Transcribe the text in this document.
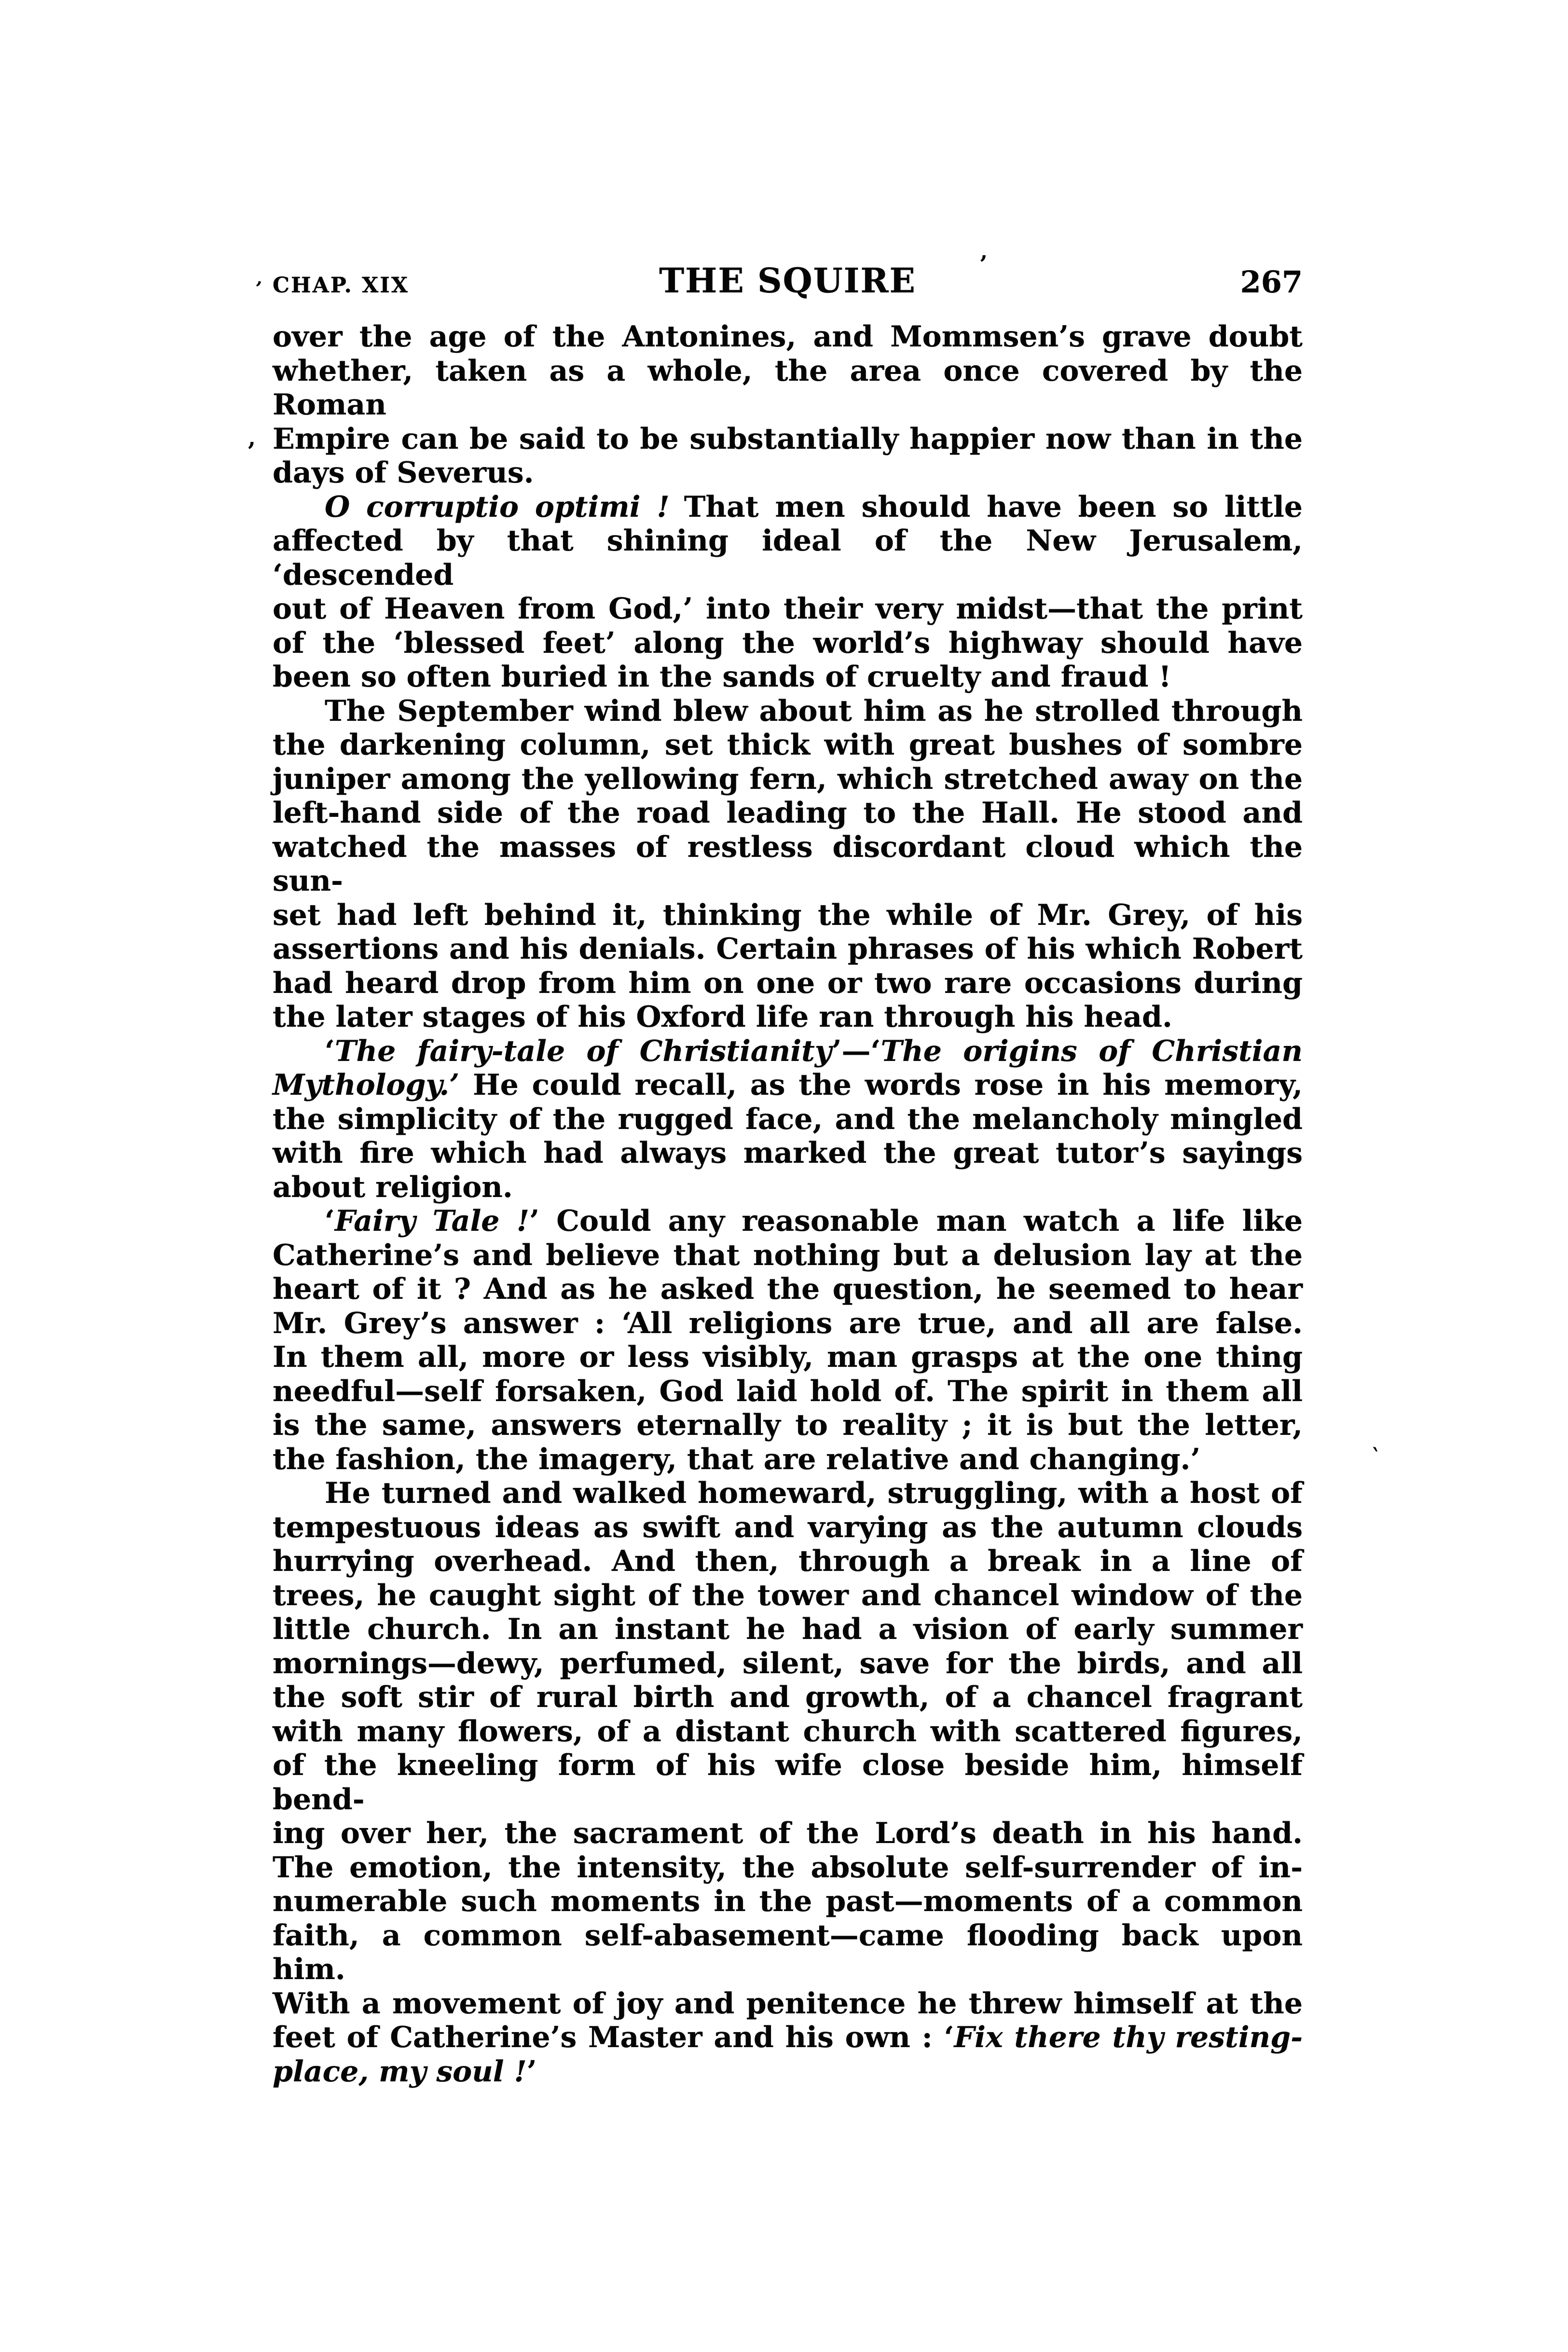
CHAP. XIX	THE SQUIRE	267
over the age of the Antonines, and Mommsen’s grave doubt
whether, taken as a whole, the area once covered by the Roman
Empire can be said to be substantially happier now than in the
days of Severus.
O corruptio optimi ! That men should have been so little
affected by that shining ideal of the New Jerusalem, ‘descended
out of Heaven from God,’ into their very midst—that the print
of the ‘blessed feet’ along the world’s highway should have
been so often buried in the sands of cruelty and fraud !
The September wind blew about him as he strolled through
the darkening column, set thick with great bushes of sombre
juniper among the yellowing fern, which stretched away on the
left-hand side of the road leading to the Hall. He stood and
watched the masses of restless discordant cloud which the sun-
set had left behind it, thinking the while of Mr. Grey, of his
assertions and his denials. Certain phrases of his which Robert
had heard drop from him on one or two rare occasions during
the later stages of his Oxford life ran through his head.
‘The fairy-tale of Christianity’—‘The origins of Christian
Mythology.’ He could recall, as the words rose in his memory,
the simplicity of the rugged face, and the melancholy mingled
with fire which had always marked the great tutor’s sayings
about religion.
‘Fairy Tale !’ Could any reasonable man watch a life like
Catherine’s and believe that nothing but a delusion lay at the
heart of it ? And as he asked the question, he seemed to hear
Mr. Grey’s answer : ‘All religions are true, and all are false.
In them all, more or less visibly, man grasps at the one thing
needful—self forsaken, God laid hold of. The spirit in them all
is the same, answers eternally to reality ; it is but the letter,
the fashion, the imagery, that are relative and changing.’
He turned and walked homeward, struggling, with a host of
tempestuous ideas as swift and varying as the autumn clouds
hurrying overhead. And then, through a break in a line of
trees, he caught sight of the tower and chancel window of the
little church. In an instant he had a vision of early summer
mornings—dewy, perfumed, silent, save for the birds, and all
the soft stir of rural birth and growth, of a chancel fragrant
with many flowers, of a distant church with scattered figures,
of the kneeling form of his wife close beside him, himself bend-
ing over her, the sacrament of the Lord’s death in his hand.
The emotion, the intensity, the absolute self-surrender of in-
numerable such moments in the past—moments of a common
faith, a common self-abasement—came flooding back upon him.
With a movement of joy and penitence he threw himself at the
feet of Catherine’s Master and his own : ‘Fix there thy resting-
place, my soul !’
’
,
’
`
